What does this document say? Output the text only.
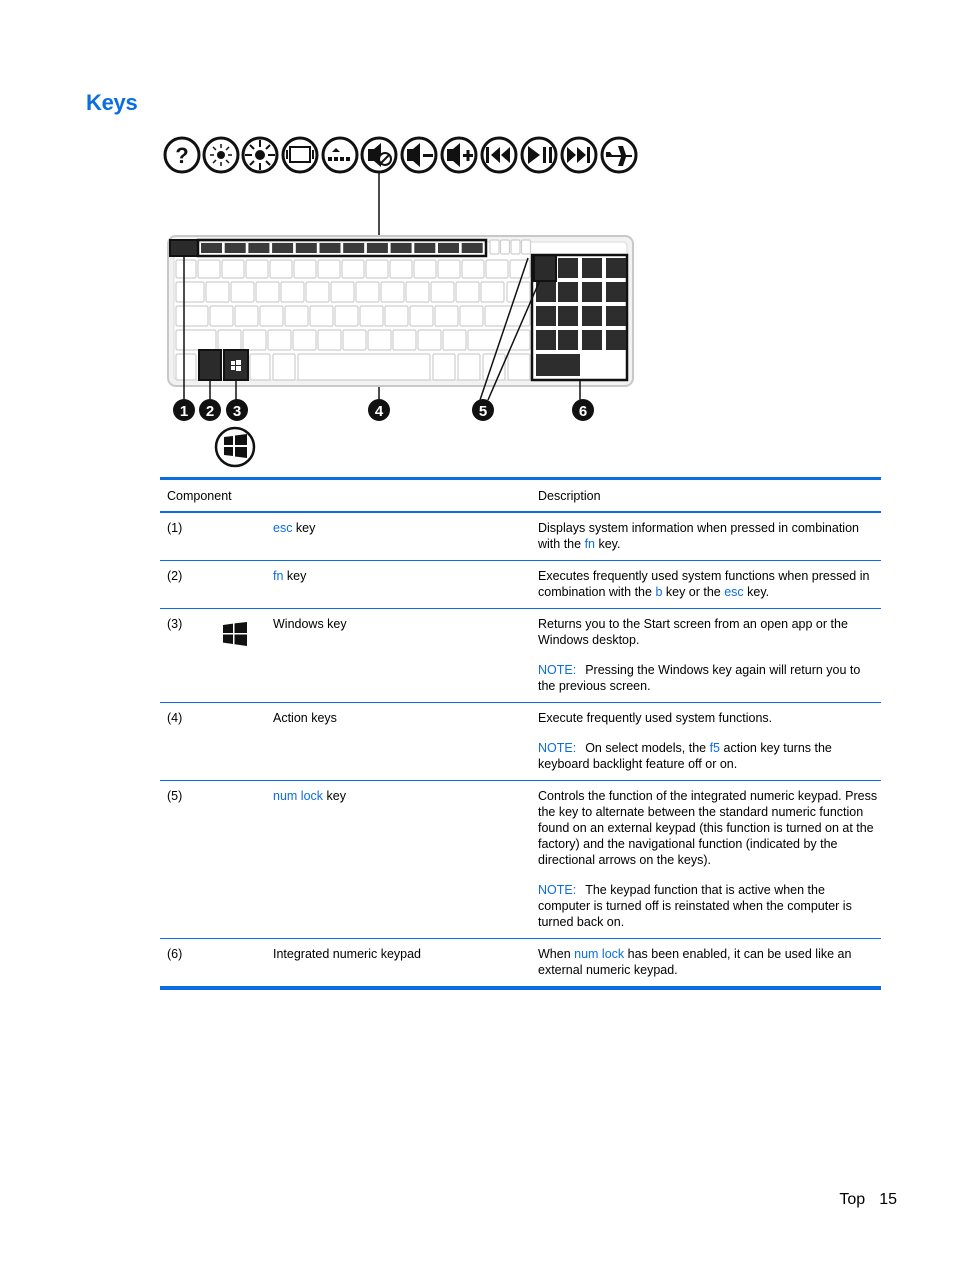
Keys
?
1 2 3	4	5	6
Component	Description
(1)	esc key	Displays system information when pressed in combination with the fn key.
(2)	fn key	Executes frequently used system functions when pressed in combination with the b key or the esc key.
(3)	Windows key	Returns you to the Start screen from an open app or the Windows desktop.
NOTE: Pressing the Windows key again will return you to the previous screen.
(4)	Action keys	Execute frequently used system functions.
NOTE: On select models, the f5 action key turns the keyboard backlight feature off or on.
(5)	num lock key	Controls the function of the integrated numeric keypad. Press the key to alternate between the standard numeric function found on an external keypad (this function is turned on at the factory) and the navigational function (indicated by the directional arrows on the keys).
NOTE: The keypad function that is active when the computer is turned off is reinstated when the computer is turned back on.
(6)	Integrated numeric keypad	When num lock has been enabled, it can be used like an external numeric keypad.
Top 15
